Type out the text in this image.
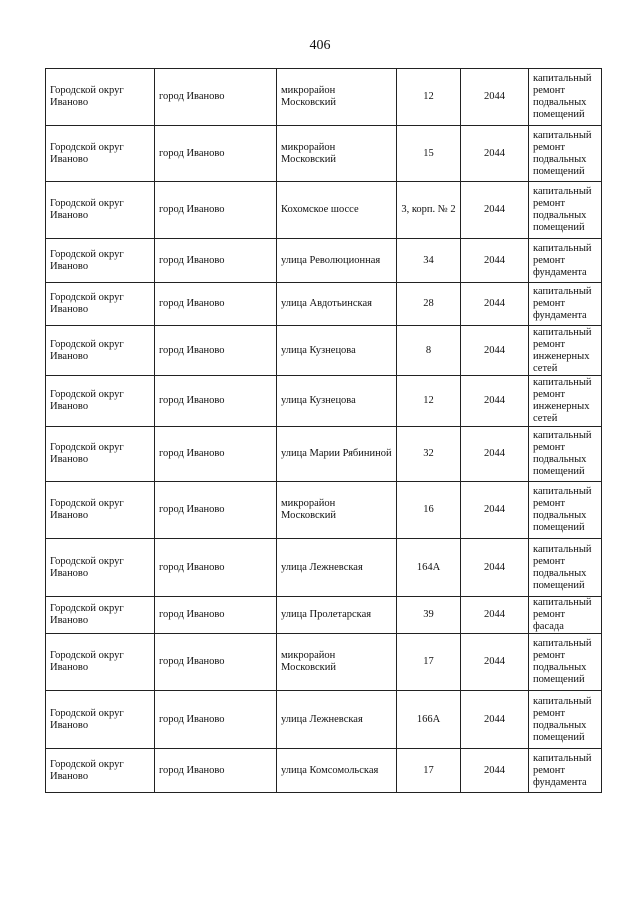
406
Городской округ Иваново	город Иваново	микрорайон Московский	12	2044	капитальный ремонт подвальных помещений
Городской округ Иваново	город Иваново	микрорайон Московский	15	2044	капитальный ремонт подвальных помещений
Городской округ Иваново	город Иваново	Кохомское шоссе	3, корп. № 2	2044	капитальный ремонт подвальных помещений
Городской округ Иваново	город Иваново	улица Революционная	34	2044	капитальный ремонт фундамента
Городской округ Иваново	город Иваново	улица Авдотьинская	28	2044	капитальный ремонт фундамента
Городской округ Иваново	город Иваново	улица Кузнецова	8	2044	капитальный ремонт инженерных сетей
Городской округ Иваново	город Иваново	улица Кузнецова	12	2044	капитальный ремонт инженерных сетей
Городской округ Иваново	город Иваново	улица Марии Рябининой	32	2044	капитальный ремонт подвальных помещений
Городской округ Иваново	город Иваново	микрорайон Московский	16	2044	капитальный ремонт подвальных помещений
Городской округ Иваново	город Иваново	улица Лежневская	164А	2044	капитальный ремонт подвальных помещений
Городской округ Иваново	город Иваново	улица Пролетарская	39	2044	капитальный ремонт фасада
Городской округ Иваново	город Иваново	микрорайон Московский	17	2044	капитальный ремонт подвальных помещений
Городской округ Иваново	город Иваново	улица Лежневская	166А	2044	капитальный ремонт подвальных помещений
Городской округ Иваново	город Иваново	улица Комсомольская	17	2044	капитальный ремонт фундамента
